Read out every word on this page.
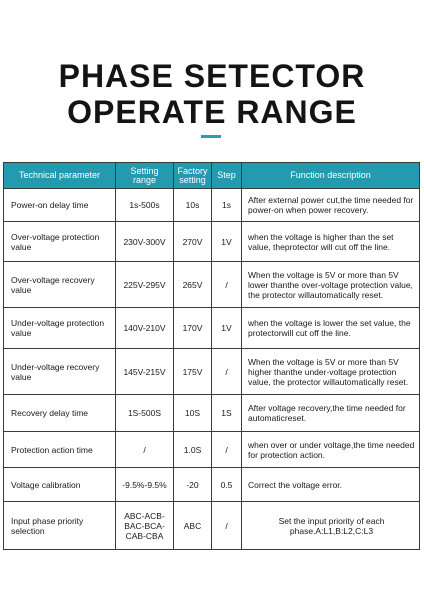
PHASE SETECTOR
OPERATE RANGE
Technical parameter	Setting range	Factory setting	Step	Function description
Power-on delay time	1s-500s	10s	1s	After external power cut,the time needed for power-on when power recovery.
Over-voltage protection value	230V-300V	270V	1V	when the voltage is higher than the set value, theprotector will cut off the line.
Over-voltage recovery value	225V-295V	265V	/	When the voltage is 5V or more than 5V lower thanthe over-voltage protection value, the protector willautomatically reset.
Under-voltage protection value	140V-210V	170V	1V	when the voltage is lower the set value, the protectorwill cut off the line.
Under-voltage recovery value	145V-215V	175V	/	When the voltage is 5V or more than 5V higher thanthe under-voltage protection value, the protector willautomatically reset.
Recovery delay time	1S-500S	10S	1S	After voltage recovery,the time needed for automaticreset.
Protection action time	/	1.0S	/	when over or under voltage,the time needed for protection action.
Voltage calibration	-9.5%-9.5%	-20	0.5	Correct the voltage error.
Input phase priority selection	ABC-ACB-BAC-BCA-CAB-CBA	ABC	/	Set the input priority of each phase.A:L1,B:L2,C:L3
